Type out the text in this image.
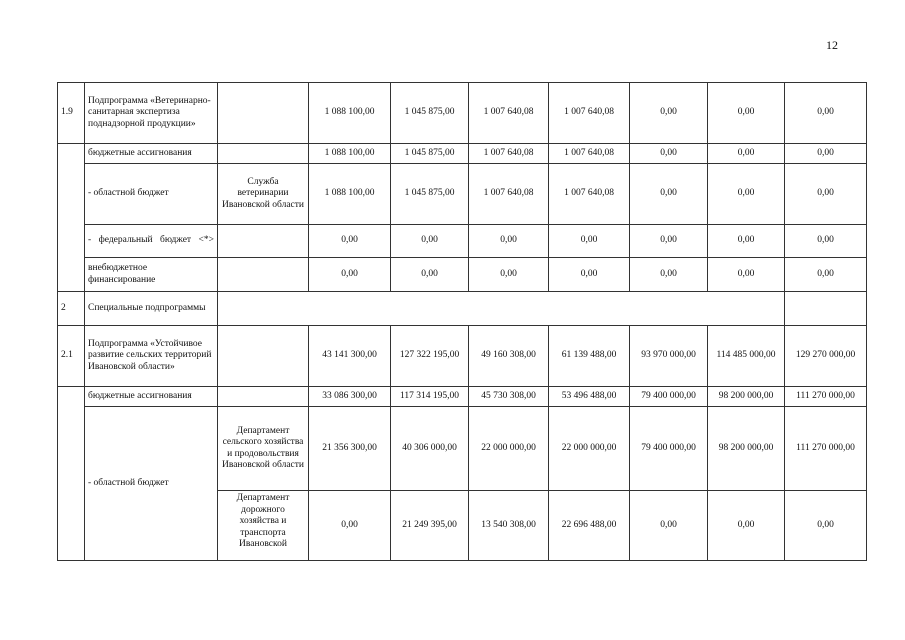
12
1.9	Подпрограмма «Ветеринарно-санитарная экспертиза поднадзорной продукции»		1 088 100,00	1 045 875,00	1 007 640,08	1 007 640,08	0,00	0,00	0,00
	бюджетные ассигнования		1 088 100,00	1 045 875,00	1 007 640,08	1 007 640,08	0,00	0,00	0,00
	- областной бюджет	Служба ветеринарии Ивановской области	1 088 100,00	1 045 875,00	1 007 640,08	1 007 640,08	0,00	0,00	0,00
	- федеральный бюджет <*>		0,00	0,00	0,00	0,00	0,00	0,00	0,00
	внебюджетное финансирование		0,00	0,00	0,00	0,00	0,00	0,00	0,00
2	Специальные подпрограммы								
2.1	Подпрограмма «Устойчивое развитие сельских территорий Ивановской области»		43 141 300,00	127 322 195,00	49 160 308,00	61 139 488,00	93 970 000,00	114 485 000,00	129 270 000,00
	бюджетные ассигнования		33 086 300,00	117 314 195,00	45 730 308,00	53 496 488,00	79 400 000,00	98 200 000,00	111 270 000,00
	- областной бюджет	Департамент сельского хозяйства и продовольствия Ивановской области	21 356 300,00	40 306 000,00	22 000 000,00	22 000 000,00	79 400 000,00	98 200 000,00	111 270 000,00

		Департамент дорожного хозяйства и транспорта Ивановской	0,00	21 249 395,00	13 540 308,00	22 696 488,00	0,00	0,00	0,00
